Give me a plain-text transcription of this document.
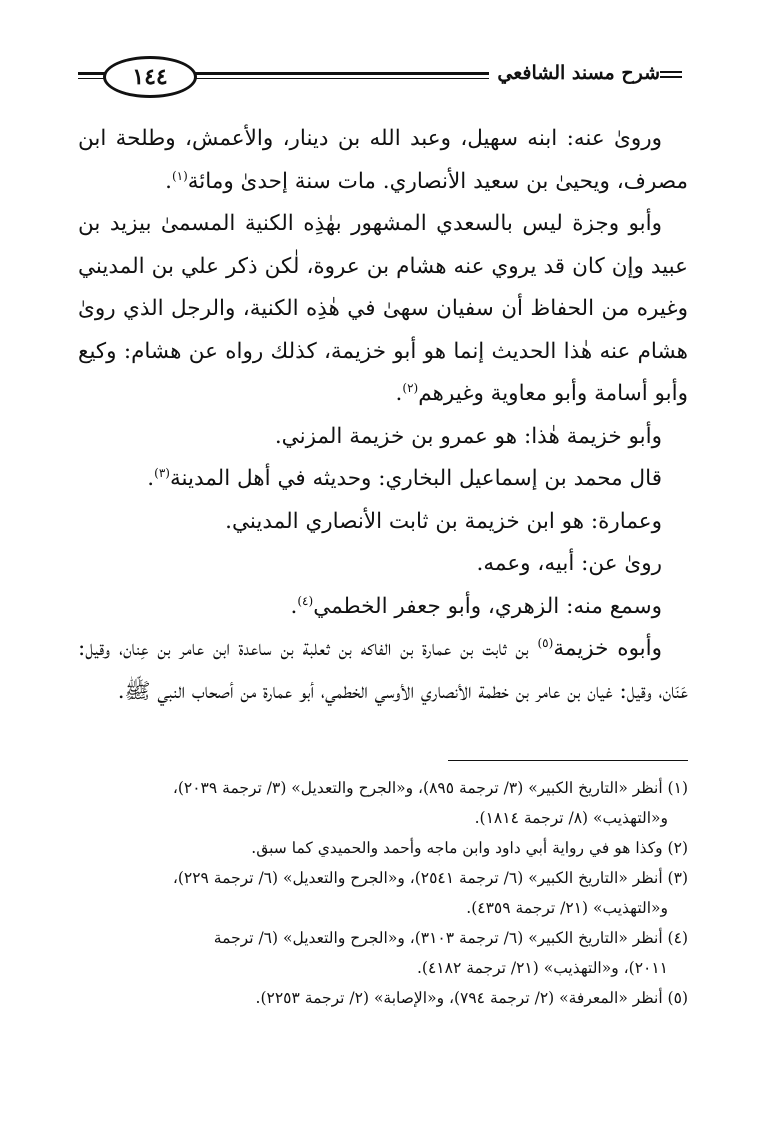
شرح مسند الشافعي
١٤٤

وروىٰ عنه: ابنه سهيل، وعبد الله بن دينار، والأعمش، وطلحة ابن مصرف، ويحيىٰ بن سعيد الأنصاري. مات سنة إحدىٰ ومائة$^{(١)}$.

وأبو وجزة ليس بالسعدي المشهور بهٰذِه الكنية المسمىٰ بيزيد بن عبيد وإن كان قد يروي عنه هشام بن عروة، لٰكن ذكر علي بن المديني وغيره من الحفاظ أن سفيان سهىٰ في هٰذِه الكنية، والرجل الذي روىٰ هشام عنه هٰذا الحديث إنما هو أبو خزيمة، كذلك رواه عن هشام: وكيع وأبو أسامة وأبو معاوية وغيرهم$^{(٢)}$.

وأبو خزيمة هٰذا: هو عمرو بن خزيمة المزني.

قال محمد بن إسماعيل البخاري: وحديثه في أهل المدينة$^{(٣)}$.

وعمارة: هو ابن خزيمة بن ثابت الأنصاري المديني.

روىٰ عن: أبيه، وعمه.

وسمع منه: الزهري، وأبو جعفر الخطمي$^{(٤)}$.

وأبوه خزيمة$^{(٥)}$ بن ثابت بن عمارة بن الفاكه بن ثعلبة بن ساعدة ابن عامر بن عِنان، وقيل: عَنَان، وقيل: غيان بن عامر بن خطمة الأنصاري الأوسي الخطمي، أبو عمارة من أصحاب النبي ﷺ.

(١) أنظر «التاريخ الكبير» (٣/ ترجمة ٨٩٥)، و«الجرح والتعديل» (٣/ ترجمة ٢٠٣٩)،

و«التهذيب» (٨/ ترجمة ١٨١٤).

(٢) وكذا هو في رواية أبي داود وابن ماجه وأحمد والحميدي كما سبق.

(٣) أنظر «التاريخ الكبير» (٦/ ترجمة ٢٥٤١)، و«الجرح والتعديل» (٦/ ترجمة ٢٢٩)،

و«التهذيب» (٢١/ ترجمة ٤٣٥٩).

(٤) أنظر «التاريخ الكبير» (٦/ ترجمة ٣١٠٣)، و«الجرح والتعديل» (٦/ ترجمة

٢٠١١)، و«التهذيب» (٢١/ ترجمة ٤١٨٢).

(٥) أنظر «المعرفة» (٢/ ترجمة ٧٩٤)، و«الإصابة» (٢/ ترجمة ٢٢٥٣).
